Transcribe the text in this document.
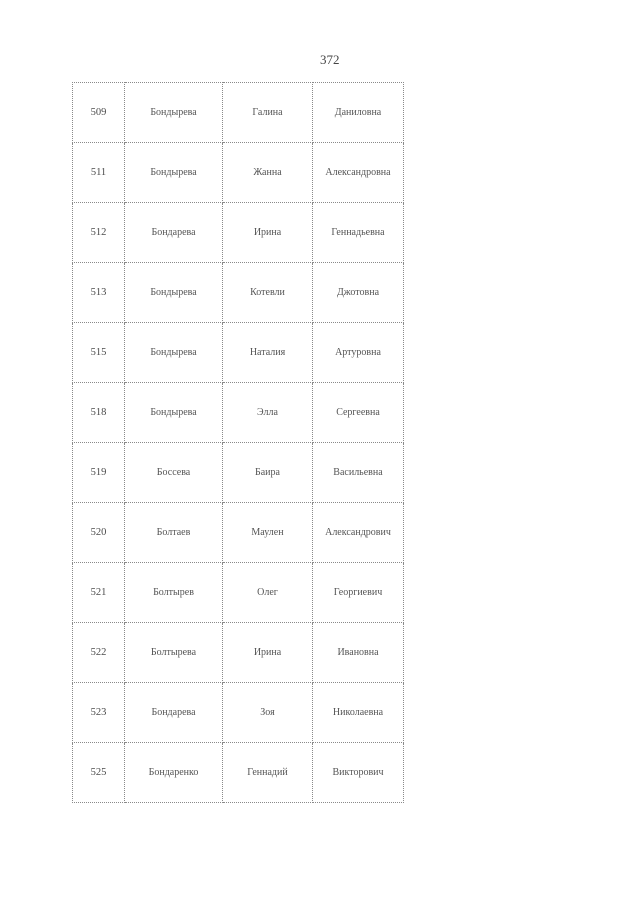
372
509	Бондырева	Галина	Даниловна
511	Бондырева	Жанна	Александровна
512	Бондарева	Ирина	Геннадьевна
513	Бондырева	Котевли	Джотовна
515	Бондырева	Наталия	Артуровна
518	Бондырева	Элла	Сергеевна
519	Боссева	Баира	Васильевна
520	Болтаев	Маулен	Александрович
521	Болтырев	Олег	Георгиевич
522	Болтырева	Ирина	Ивановна
523	Бондарева	Зоя	Николаевна
525	Бондаренко	Геннадий	Викторович
